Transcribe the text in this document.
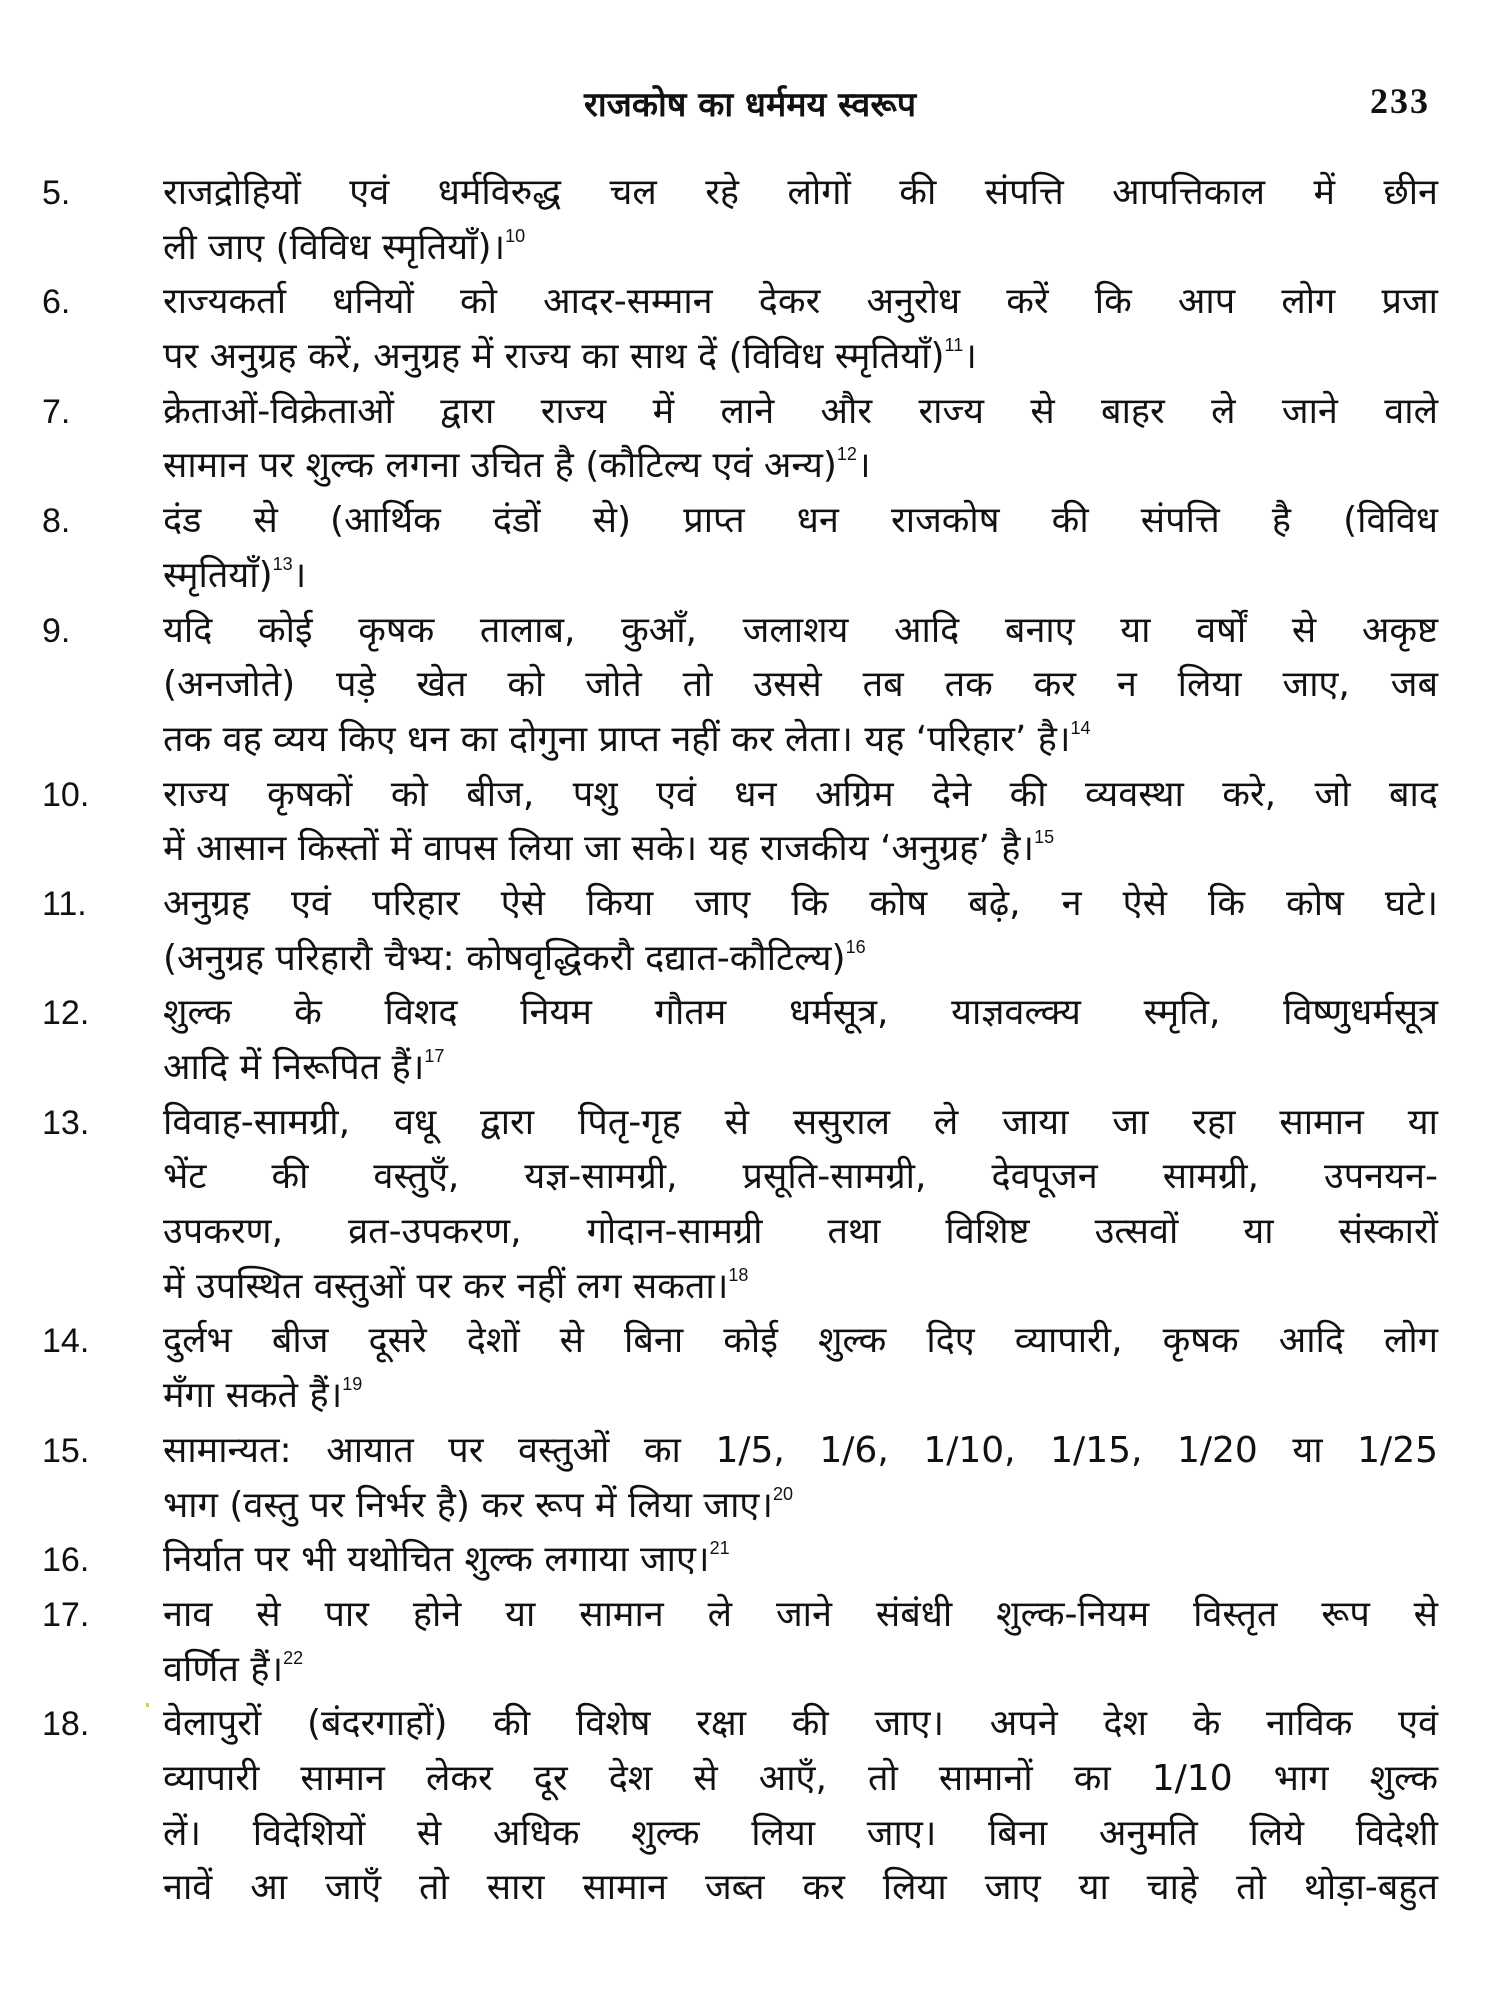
राजकोष का धर्ममय स्वरूप	233
5.	राजद्रोहियों एवं धर्मविरुद्ध चल रहे लोगों की संपत्ति आपत्तिकाल में छीन
ली जाए (विविध स्मृतियाँ)।$^{10}$
6.	राज्यकर्ता धनियों को आदर-सम्मान देकर अनुरोध करें कि आप लोग प्रजा
पर अनुग्रह करें, अनुग्रह में राज्य का साथ दें (विविध स्मृतियाँ)$^{11}$।
7.	क्रेताओं-विक्रेताओं द्वारा राज्य में लाने और राज्य से बाहर ले जाने वाले
सामान पर शुल्क लगना उचित है (कौटिल्य एवं अन्य)$^{12}$।
8.	दंड से (आर्थिक दंडों से) प्राप्त धन राजकोष की संपत्ति है (विविध
स्मृतियाँ)$^{13}$।
9.	यदि कोई कृषक तालाब, कुआँ, जलाशय आदि बनाए या वर्षों से अकृष्ट
(अनजोते) पड़े खेत को जोते तो उससे तब तक कर न लिया जाए, जब
तक वह व्यय किए धन का दोगुना प्राप्त नहीं कर लेता। यह ‘परिहार’ है।$^{14}$
10. राज्य कृषकों को बीज, पशु एवं धन अग्रिम देने की व्यवस्था करे, जो बाद
में आसान किस्तों में वापस लिया जा सके। यह राजकीय ‘अनुग्रह’ है।$^{15}$
11. अनुग्रह एवं परिहार ऐसे किया जाए कि कोष बढ़े, न ऐसे कि कोष घटे।
(अनुग्रह परिहारौ चैभ्य: कोषवृद्धिकरौ दद्यात-कौटिल्य)$^{16}$
12. शुल्क के विशद नियम गौतम धर्मसूत्र, याज्ञवल्क्य स्मृति, विष्णुधर्मसूत्र
आदि में निरूपित हैं।$^{17}$
13. विवाह-सामग्री, वधू द्वारा पितृ-गृह से ससुराल ले जाया जा रहा सामान या
भेंट की वस्तुएँ, यज्ञ-सामग्री, प्रसूति-सामग्री, देवपूजन सामग्री, उपनयन-
उपकरण, व्रत-उपकरण, गोदान-सामग्री तथा विशिष्ट उत्सवों या संस्कारों
में उपस्थित वस्तुओं पर कर नहीं लग सकता।$^{18}$
14. दुर्लभ बीज दूसरे देशों से बिना कोई शुल्क दिए व्यापारी, कृषक आदि लोग
मँगा सकते हैं।$^{19}$
15. सामान्यत: आयात पर वस्तुओं का 1/5, 1/6, 1/10, 1/15, 1/20 या 1/25
भाग (वस्तु पर निर्भर है) कर रूप में लिया जाए।$^{20}$
16. निर्यात पर भी यथोचित शुल्क लगाया जाए।$^{21}$
17. नाव से पार होने या सामान ले जाने संबंधी शुल्क-नियम विस्तृत रूप से
वर्णित हैं।$^{22}$
18. वेलापुरों (बंदरगाहों) की विशेष रक्षा की जाए। अपने देश के नाविक एवं
व्यापारी सामान लेकर दूर देश से आएँ, तो सामानों का 1/10 भाग शुल्क
लें। विदेशियों से अधिक शुल्क लिया जाए। बिना अनुमति लिये विदेशी
नावें आ जाएँ तो सारा सामान जब्त कर लिया जाए या चाहे तो थोड़ा-बहुत
